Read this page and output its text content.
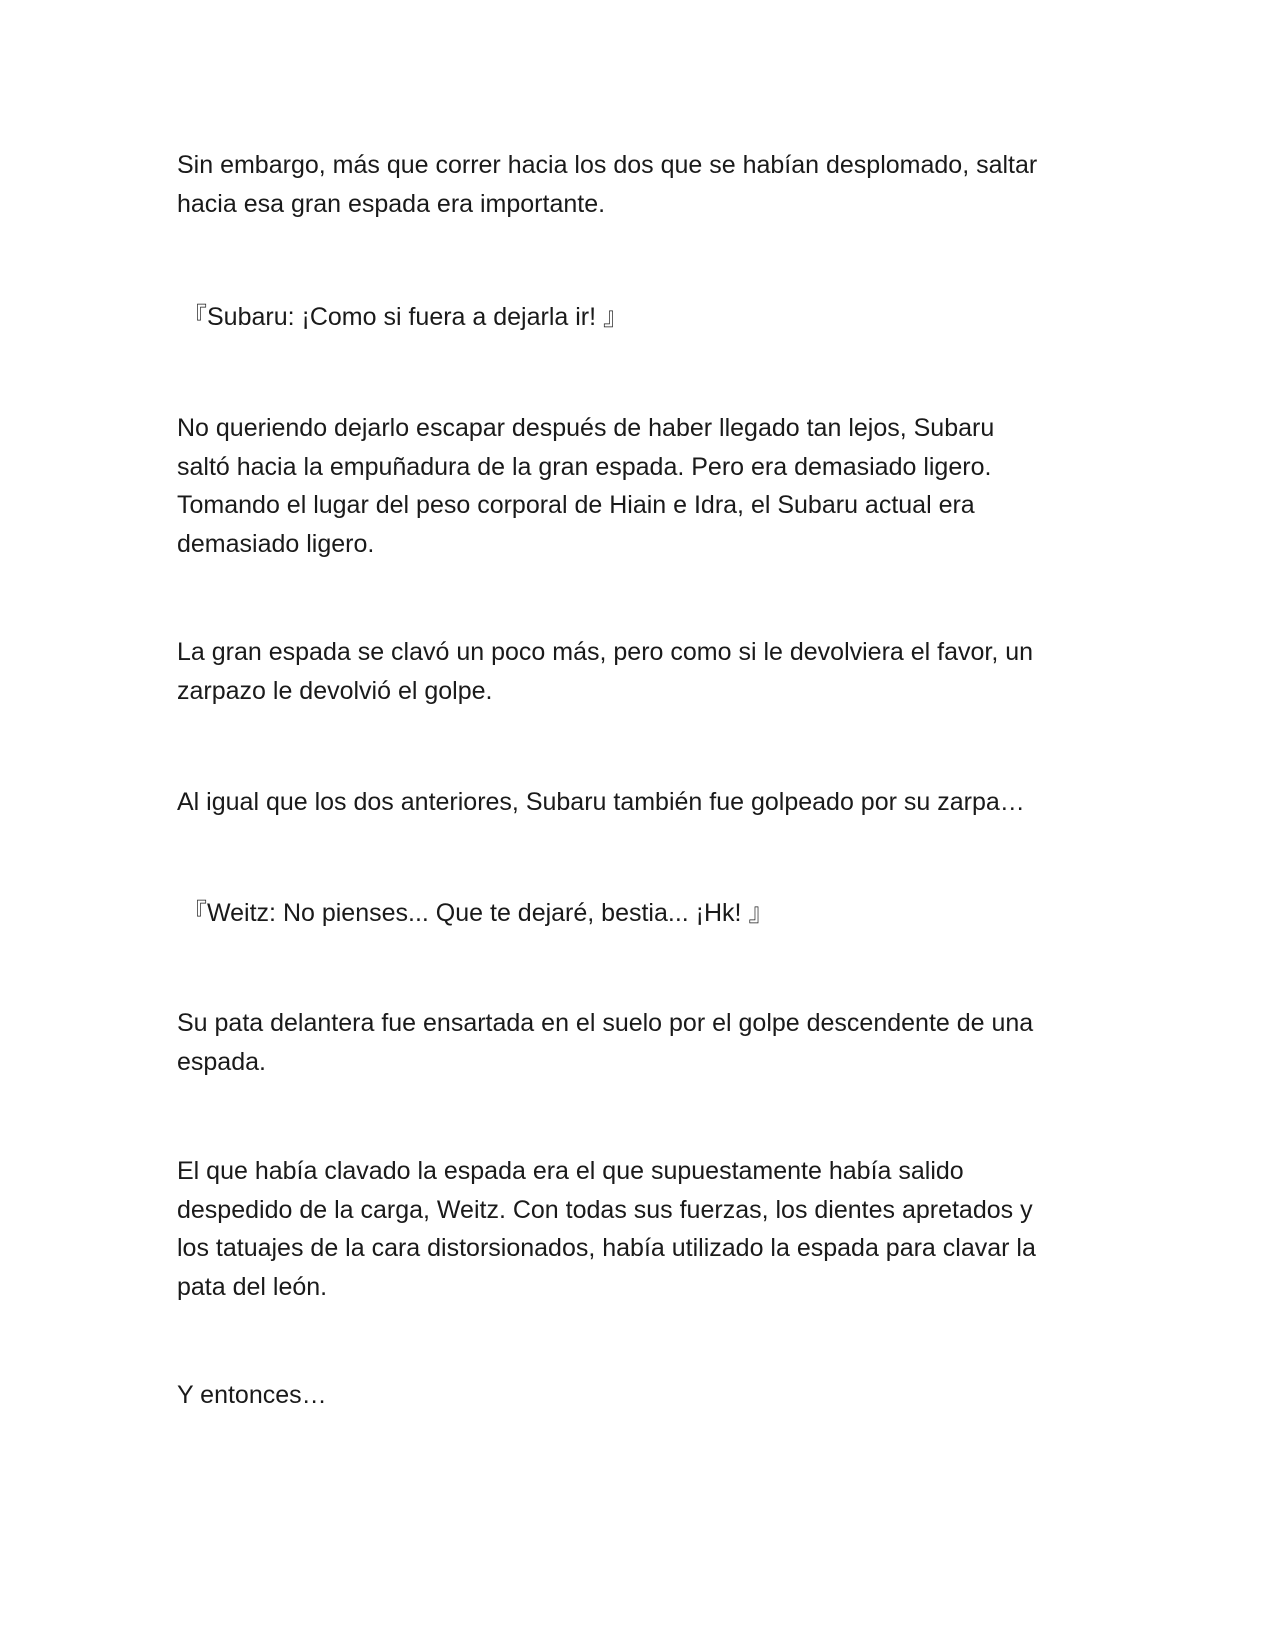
Sin embargo, más que correr hacia los dos que se habían desplomado, saltar
hacia esa gran espada era importante.

『Subaru: ¡Como si fuera a dejarla ir! 』

No queriendo dejarlo escapar después de haber llegado tan lejos, Subaru
saltó hacia la empuñadura de la gran espada. Pero era demasiado ligero.
Tomando el lugar del peso corporal de Hiain e Idra, el Subaru actual era
demasiado ligero.

La gran espada se clavó un poco más, pero como si le devolviera el favor, un
zarpazo le devolvió el golpe.

Al igual que los dos anteriores, Subaru también fue golpeado por su zarpa…

『Weitz: No pienses... Que te dejaré, bestia... ¡Hk! 』

Su pata delantera fue ensartada en el suelo por el golpe descendente de una
espada.

El que había clavado la espada era el que supuestamente había salido
despedido de la carga, Weitz. Con todas sus fuerzas, los dientes apretados y
los tatuajes de la cara distorsionados, había utilizado la espada para clavar la
pata del león.

Y entonces…
